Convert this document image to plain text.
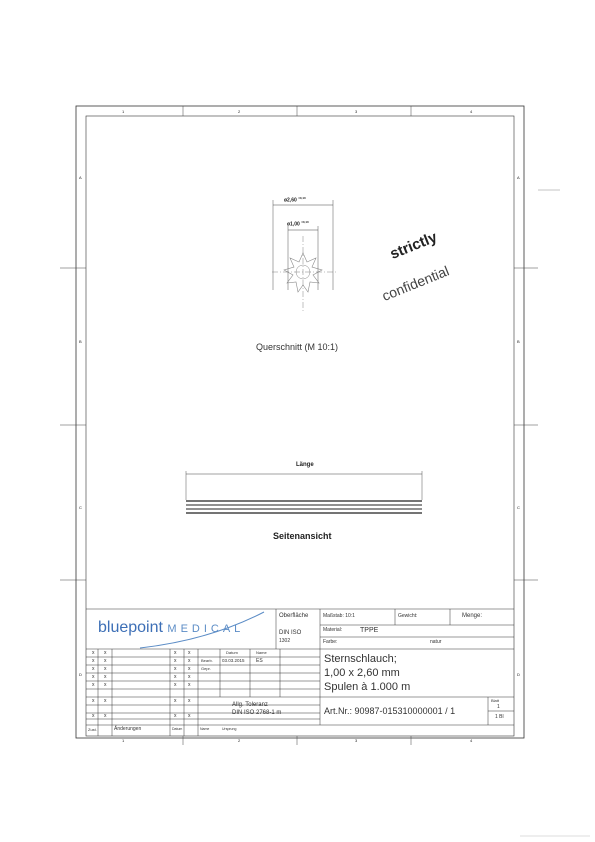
1	2	3	4
1	2	3	4
A
B
C
D
A
B
C
D
ø2,60 $^{\pm 0,10}$
ø1,00 $^{\pm 0,10}$
Querschnitt (M 10:1)
strictly
confidential
Länge
Seitenansicht
bluepoint MEDICAL
Oberfläche
DIN ISO
1302
Maßstab: 10:1	Gewicht:	Menge:
Material:	TPPE
Farbe:	natur
Datum	Name
Bearb. 03.03.2015 ES
Gepr.
x x	x x
x x	x x
x x	x x
x x	x x
x x	x x
x x	x x
x x	x x
Allg. Toleranz
DIN ISO 2768-1 m
Sternschlauch;
1,00 x 2,60 mm
Spulen à 1.000 m
Art.Nr.: 90987-015310000001 / 1
Blatt
1
1 Bl
Zust.	Änderungen	Datum	Name	Ursprung
